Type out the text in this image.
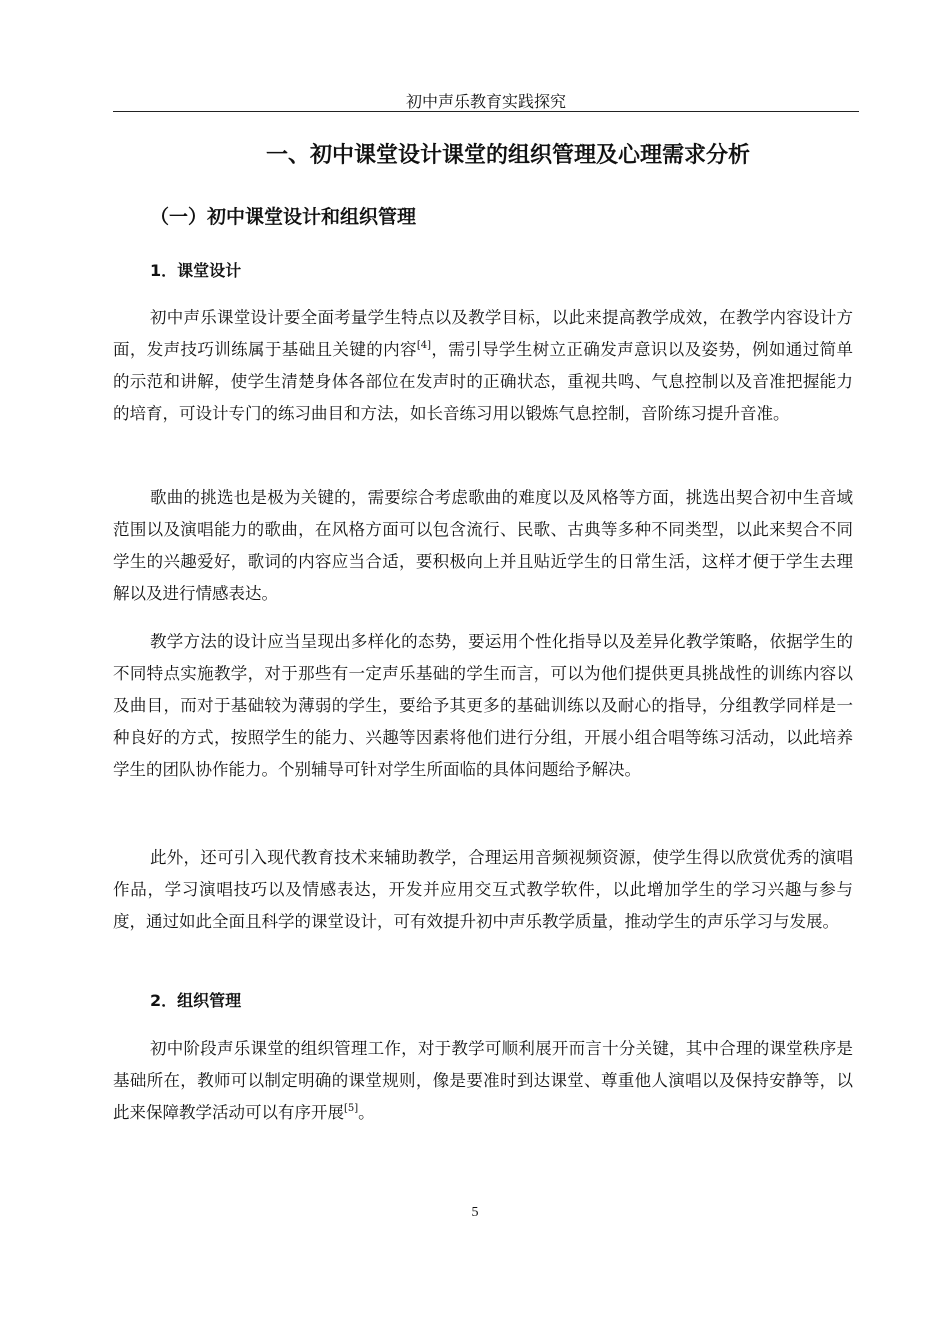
初中声乐教育实践探究
一、初中课堂设计课堂的组织管理及心理需求分析
（一）初中课堂设计和组织管理
1．课堂设计

初中声乐课堂设计要全面考量学生特点以及教学目标，以此来提高教学成效，在教学内容设计方面，发声技巧训练属于基础且关键的内容[4]，需引导学生树立正确发声意识以及姿势，例如通过简单的示范和讲解，使学生清楚身体各部位在发声时的正确状态，重视共鸣、气息控制以及音准把握能力的培育，可设计专门的练习曲目和方法，如长音练习用以锻炼气息控制，音阶练习提升音准。

歌曲的挑选也是极为关键的，需要综合考虑歌曲的难度以及风格等方面，挑选出契合初中生音域范围以及演唱能力的歌曲，在风格方面可以包含流行、民歌、古典等多种不同类型，以此来契合不同学生的兴趣爱好，歌词的内容应当合适，要积极向上并且贴近学生的日常生活，这样才便于学生去理解以及进行情感表达。

教学方法的设计应当呈现出多样化的态势，要运用个性化指导以及差异化教学策略，依据学生的不同特点实施教学，对于那些有一定声乐基础的学生而言，可以为他们提供更具挑战性的训练内容以及曲目，而对于基础较为薄弱的学生，要给予其更多的基础训练以及耐心的指导，分组教学同样是一种良好的方式，按照学生的能力、兴趣等因素将他们进行分组，开展小组合唱等练习活动，以此培养学生的团队协作能力。个别辅导可针对学生所面临的具体问题给予解决。

此外，还可引入现代教育技术来辅助教学，合理运用音频视频资源，使学生得以欣赏优秀的演唱作品，学习演唱技巧以及情感表达，开发并应用交互式教学软件，以此增加学生的学习兴趣与参与度，通过如此全面且科学的课堂设计，可有效提升初中声乐教学质量，推动学生的声乐学习与发展。

2．组织管理

初中阶段声乐课堂的组织管理工作，对于教学可顺利展开而言十分关键，其中合理的课堂秩序是基础所在，教师可以制定明确的课堂规则，像是要准时到达课堂、尊重他人演唱以及保持安静等，以此来保障教学活动可以有序开展[5]。

5
